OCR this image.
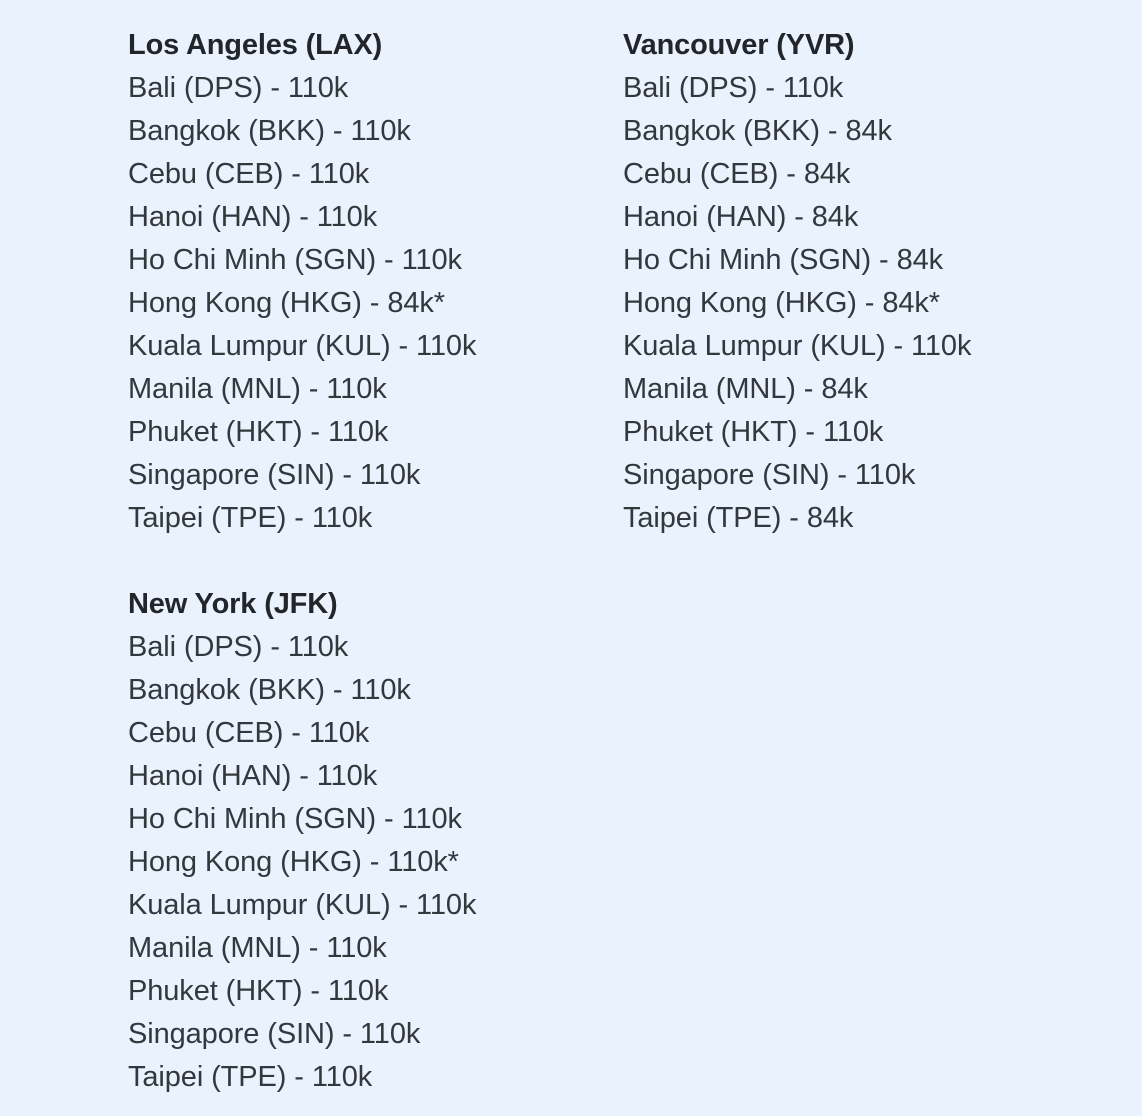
Los Angeles (LAX)
Bali (DPS) - 110k
Bangkok (BKK) - 110k
Cebu (CEB) - 110k
Hanoi (HAN) - 110k
Ho Chi Minh (SGN) - 110k
Hong Kong (HKG) - 84k*
Kuala Lumpur (KUL) - 110k
Manila (MNL) - 110k
Phuket (HKT) - 110k
Singapore (SIN) - 110k
Taipei (TPE) - 110k
New York (JFK)
Bali (DPS) - 110k
Bangkok (BKK) - 110k
Cebu (CEB) - 110k
Hanoi (HAN) - 110k
Ho Chi Minh (SGN) - 110k
Hong Kong (HKG) - 110k*
Kuala Lumpur (KUL) - 110k
Manila (MNL) - 110k
Phuket (HKT) - 110k
Singapore (SIN) - 110k
Taipei (TPE) - 110k
Vancouver (YVR)
Bali (DPS) - 110k
Bangkok (BKK) - 84k
Cebu (CEB) - 84k
Hanoi (HAN) - 84k
Ho Chi Minh (SGN) - 84k
Hong Kong (HKG) - 84k*
Kuala Lumpur (KUL) - 110k
Manila (MNL) - 84k
Phuket (HKT) - 110k
Singapore (SIN) - 110k
Taipei (TPE) - 84k
